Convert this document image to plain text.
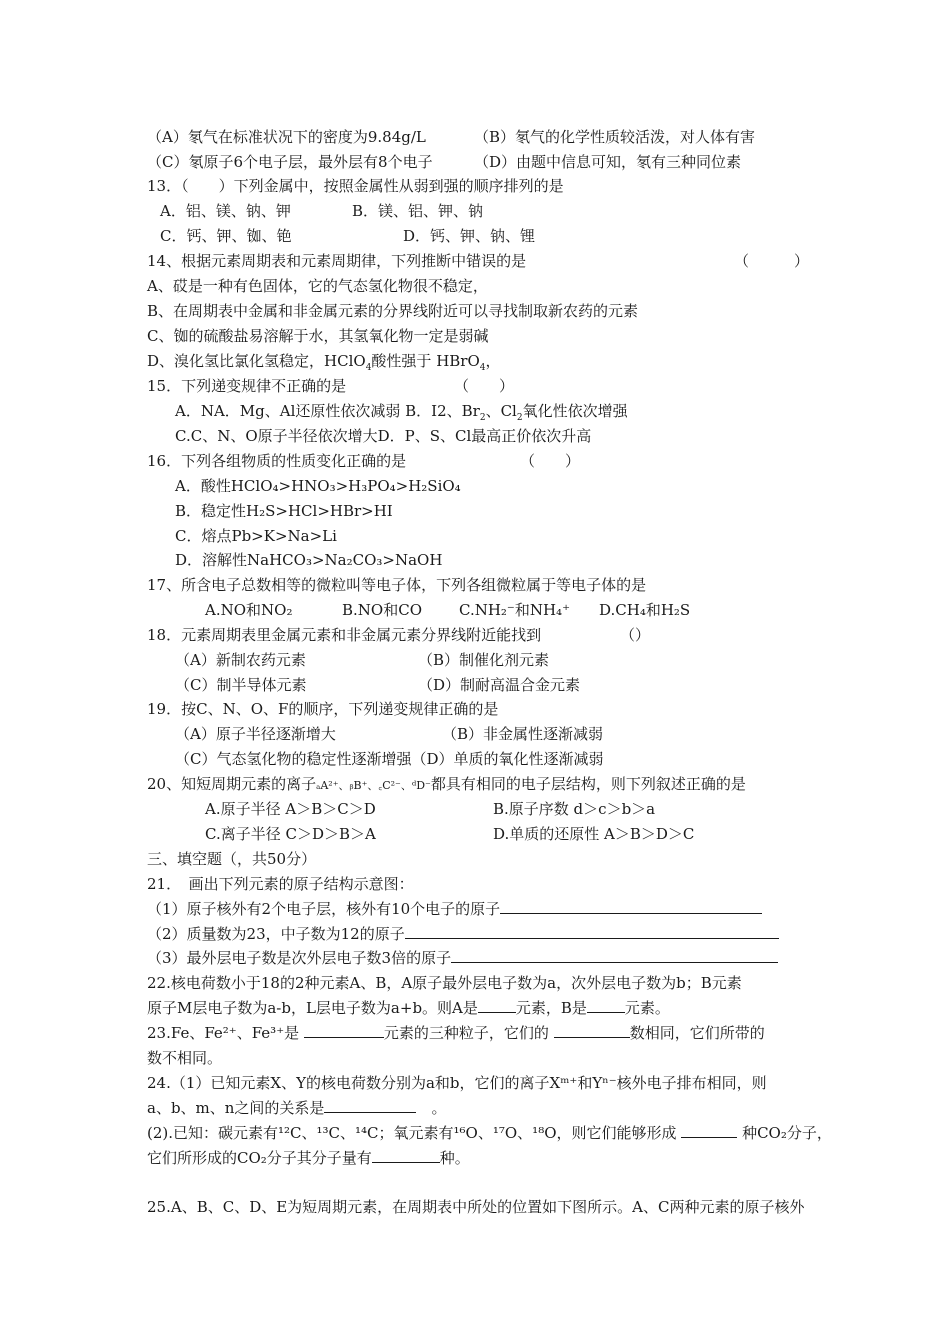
（A）氡气在标准状况下的密度为9.84g/L	（B）氡气的化学性质较活泼，对人体有害
（C）氡原子6个电子层，最外层有8个电子	（D）由题中信息可知，氡有三种同位素
13．（　　）下列金属中，按照金属性从弱到强的顺序排列的是
A．铝、镁、钠、钾	B．镁、铝、钾、钠
C．钙、钾、铷、铯	D．钙、钾、钠、锂
14、根据元素周期表和元素周期律，下列推断中错误的是	（　　　）
A、砹是一种有色固体，它的气态氢化物很不稳定，
B、在周期表中金属和非金属元素的分界线附近可以寻找制取新农药的元素
C、铷的硫酸盐易溶解于水，其氢氧化物一定是弱碱
D、溴化氢比氯化氢稳定，HClO$_4$酸性强于 HBrO$_4$，
15．下列递变规律不正确的是	（　　）
A．NA．Mg、Al还原性依次减弱 B．I2、$Br_2$、$Cl_2$氧化性依次增强
C.C、N、O原子半径依次增大D．P、S、Cl最高正价依次升高
16．下列各组物质的性质变化正确的是	（　　）
A．酸性HClO₄>HNO₃>H₃PO₄>H₂SiO₄
B．稳定性H₂S>HCl>HBr>HI
C．熔点Pb>K>Na>Li
D．溶解性NaHCO₃>Na₂CO₃>NaOH
17、所含电子总数相等的微粒叫等电子体，下列各组微粒属于等电子体的是
A.NO和NO₂	B.NO和CO C.NH₂⁻和NH₄⁺ D.CH₄和H₂S
18．元素周期表里金属元素和非金属元素分界线附近能找到	（）
（A）新制农药元素	（B）制催化剂元素
（C）制半导体元素	（D）制耐高温合金元素
19．按C、N、O、F的顺序，下列递变规律正确的是
（A）原子半径逐渐增大	（B）非金属性逐渐减弱
（C）气态氢化物的稳定性逐渐增强（D）单质的氧化性逐渐减弱
20、知短周期元素的离子ₐA²⁺、ᵦB⁺、꜀C²⁻、ᵈD⁻都具有相同的电子层结构，则下列叙述正确的是
A.原子半径 A＞B＞C＞D	B.原子序数 d＞c＞b＞a
C.离子半径 C＞D＞B＞A	D.单质的还原性 A＞B＞D＞C
三、填空题（，共50分）
21．　画出下列元素的原子结构示意图：
（1）原子核外有2个电子层，核外有10个电子的原子
（2）质量数为23，中子数为12的原子
（3）最外层电子数是次外层电子数3倍的原子
22.核电荷数小于18的2种元素A、B，A原子最外层电子数为a，次外层电子数为b；B元素
原子M层电子数为a-b，L层电子数为a+b。则A是	元素，B是	元素。
23.Fe、Fe²⁺、Fe³⁺是	元素的三种粒子，它们的	数相同，它们所带的
数不相同。
24.（1）已知元素X、Y的核电荷数分别为a和b，它们的离子Xᵐ⁺和Yⁿ⁻核外电子排布相同，则
a、b、m、n之间的关系是　	。
(2).已知：碳元素有¹²C、¹³C、¹⁴C；氧元素有¹⁶O、¹⁷O、¹⁸O，则它们能够形成	种CO₂分子，
它们所形成的CO₂分子其分子量有	种。
25.A、B、C、D、E为短周期元素，在周期表中所处的位置如下图所示。A、C两种元素的原子核外
